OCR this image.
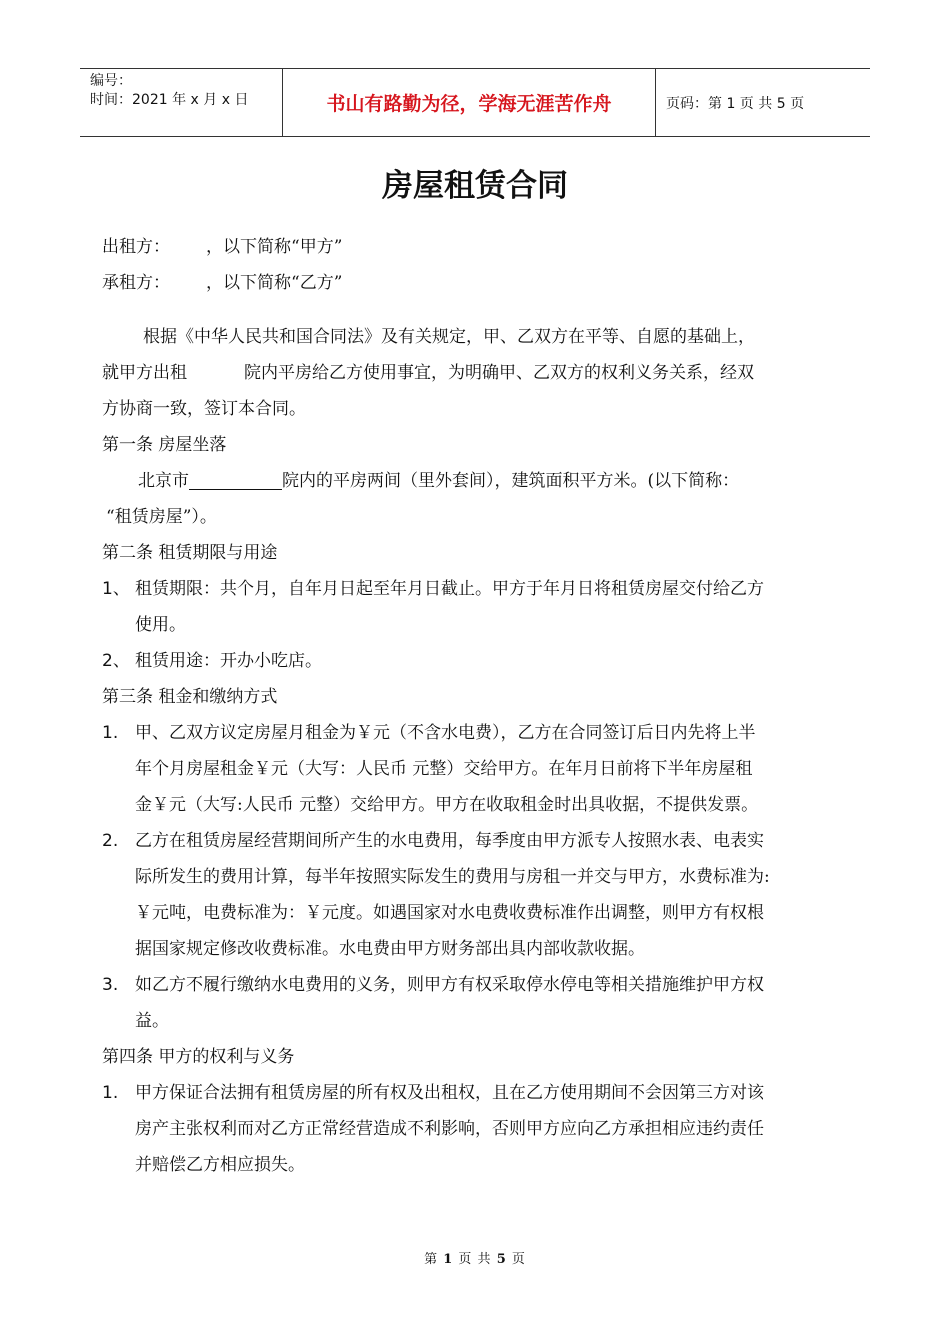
编号：
时间：2021 年 x 月 x 日	书山有路勤为径，学海无涯苦作舟	页码：第 1 页 共 5 页
房屋租赁合同
出租方： ，以下简称“甲方”
承租方： ，以下简称“乙方”
根据《中华人民共和国合同法》及有关规定，甲、乙双方在平等、自愿的基础上，
就甲方出租	院内平房给乙方使用事宜，为明确甲、乙双方的权利义务关系，经双
方协商一致，签订本合同。
第一条 房屋坐落
北京市	院内的平房两间（里外套间），建筑面积平方米。(以下简称：
“租赁房屋”）。
第二条 租赁期限与用途
1、 租赁期限：共个月，自年月日起至年月日截止。甲方于年月日将租赁房屋交付给乙方
使用。
2、 租赁用途：开办小吃店。
第三条 租金和缴纳方式
1. 甲、乙双方议定房屋月租金为￥元（不含水电费），乙方在合同签订后日内先将上半
年个月房屋租金￥元（大写：人民币 元整）交给甲方。在年月日前将下半年房屋租
金￥元（大写:人民币 元整）交给甲方。甲方在收取租金时出具收据，不提供发票。
2. 乙方在租赁房屋经营期间所产生的水电费用，每季度由甲方派专人按照水表、电表实
际所发生的费用计算，每半年按照实际发生的费用与房租一并交与甲方，水费标准为:
￥元吨，电费标准为：￥元度。如遇国家对水电费收费标准作出调整，则甲方有权根
据国家规定修改收费标准。水电费由甲方财务部出具内部收款收据。
3. 如乙方不履行缴纳水电费用的义务，则甲方有权采取停水停电等相关措施维护甲方权
益。
第四条 甲方的权利与义务
1. 甲方保证合法拥有租赁房屋的所有权及出租权，且在乙方使用期间不会因第三方对该
房产主张权利而对乙方正常经营造成不利影响，否则甲方应向乙方承担相应违约责任
并赔偿乙方相应损失。
第 1 页 共 5 页
